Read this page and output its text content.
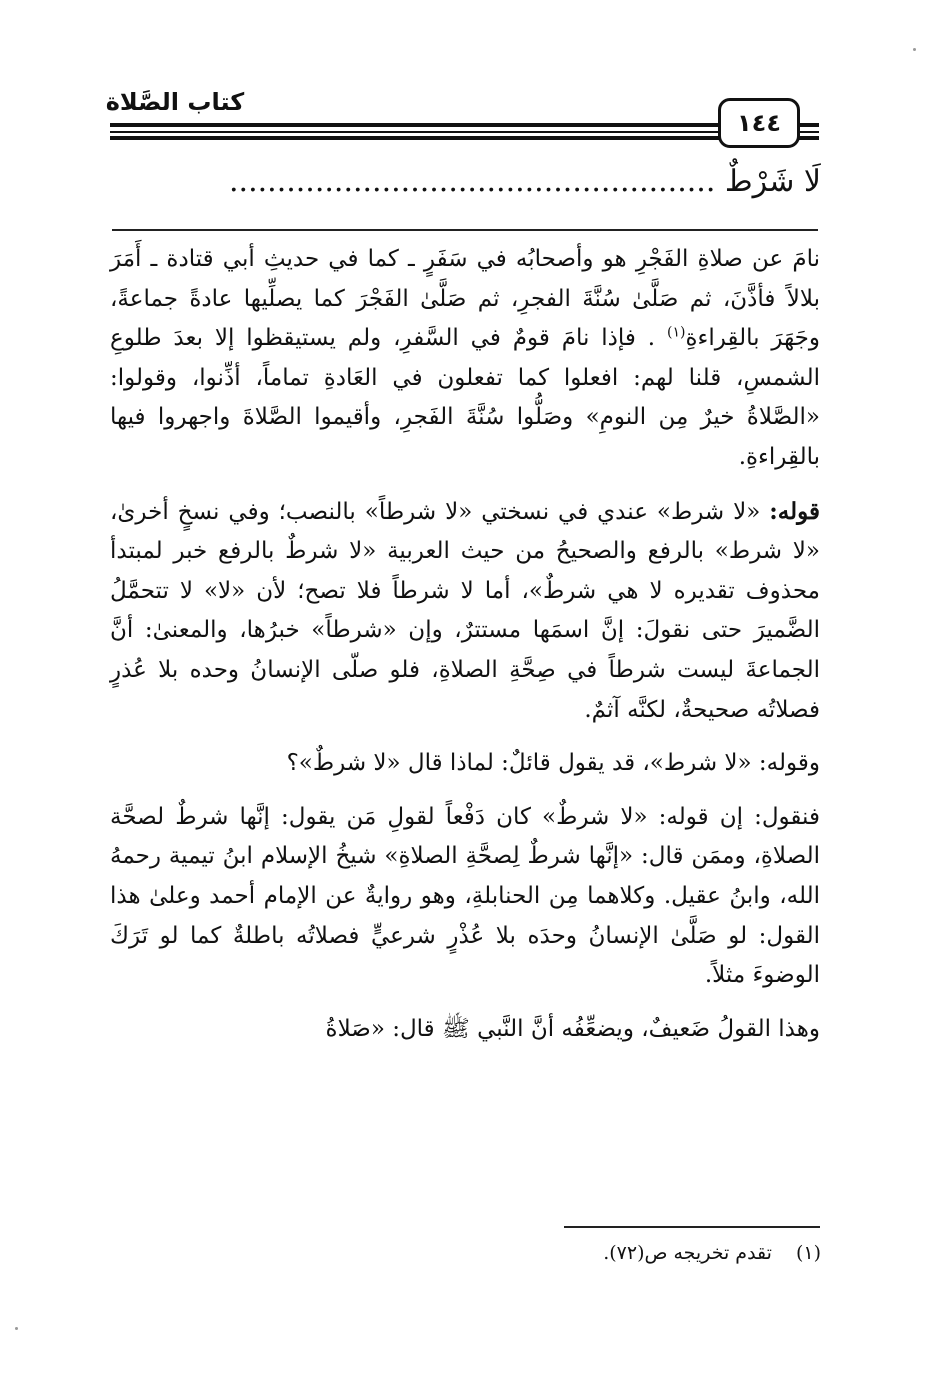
كتاب الصَّلاة
١٤٤
لَا شَرْطٌ ...................................................

نامَ عن صلاةِ الفَجْرِ هو وأصحابُه في سَفَرٍ ـ كما في حديثِ أبي قتادة ـ أَمَرَ بلالاً فأذَّنَ، ثم صَلَّىٰ سُنَّةَ الفجرِ، ثم صَلَّىٰ الفَجْرَ كما يصلِّيها عادةً جماعةً، وجَهَرَ بالقِراءةِ$^{(١)}$ . فإذا نامَ قومٌ في السَّفرِ، ولم يستيقظوا إلا بعدَ طلوعِ الشمسِ، قلنا لهم: افعلوا كما تفعلون في العَادةِ تماماً، أذِّنوا، وقولوا: «الصَّلاةُ خيرٌ مِن النومِ» وصَلُّوا سُنَّةَ الفَجرِ، وأقيموا الصَّلاةَ واجهروا فيها بالقِراءةِ.

قوله: «لا شرط» عندي في نسختي «لا شرطاً» بالنصب؛ وفي نسخٍ أخرىٰ، «لا شرط» بالرفع والصحيحُ من حيث العربية «لا شرطٌ بالرفع خبر لمبتدأ محذوف تقديره لا هي شرطٌ»، أما لا شرطاً فلا تصح؛ لأن «لا» لا تتحمَّلُ الضَّميرَ حتى نقولَ: إنَّ اسمَها مستترٌ، وإن «شرطاً» خبرُها، والمعنىٰ: أنَّ الجماعةَ ليست شرطاً في صِحَّةِ الصلاةِ، فلو صلّى الإنسانُ وحده بلا عُذرٍ فصلاتُه صحيحةٌ، لكنَّه آثمٌ.

وقوله: «لا شرط»، قد يقول قائلٌ: لماذا قال «لا شرطٌ»؟

فنقول: إن قوله: «لا شرطٌ» كان دَفْعاً لقولِ مَن يقول: إنَّها شرطٌ لصحَّة الصلاةِ، وممَن قال: «إنَّها شرطٌ لِصحَّةِ الصلاةِ» شيخُ الإسلام ابنُ تيمية رحمهُ الله، وابنُ عقيل. وكلاهما مِن الحنابلةِ، وهو روايةٌ عن الإمام أحمد وعلىٰ هذا القول: لو صَلَّىٰ الإنسانُ وحدَه بلا عُذْرٍ شرعيٍّ فصلاتُه باطلةٌ كما لو تَرَكَ الوضوءَ مثلاً.

وهذا القولُ ضَعيفٌ، ويضعِّفُه أنَّ النَّبي ﷺ قال: «صَلاةُ

(١)تقدم تخريجه ص(٧٢).
